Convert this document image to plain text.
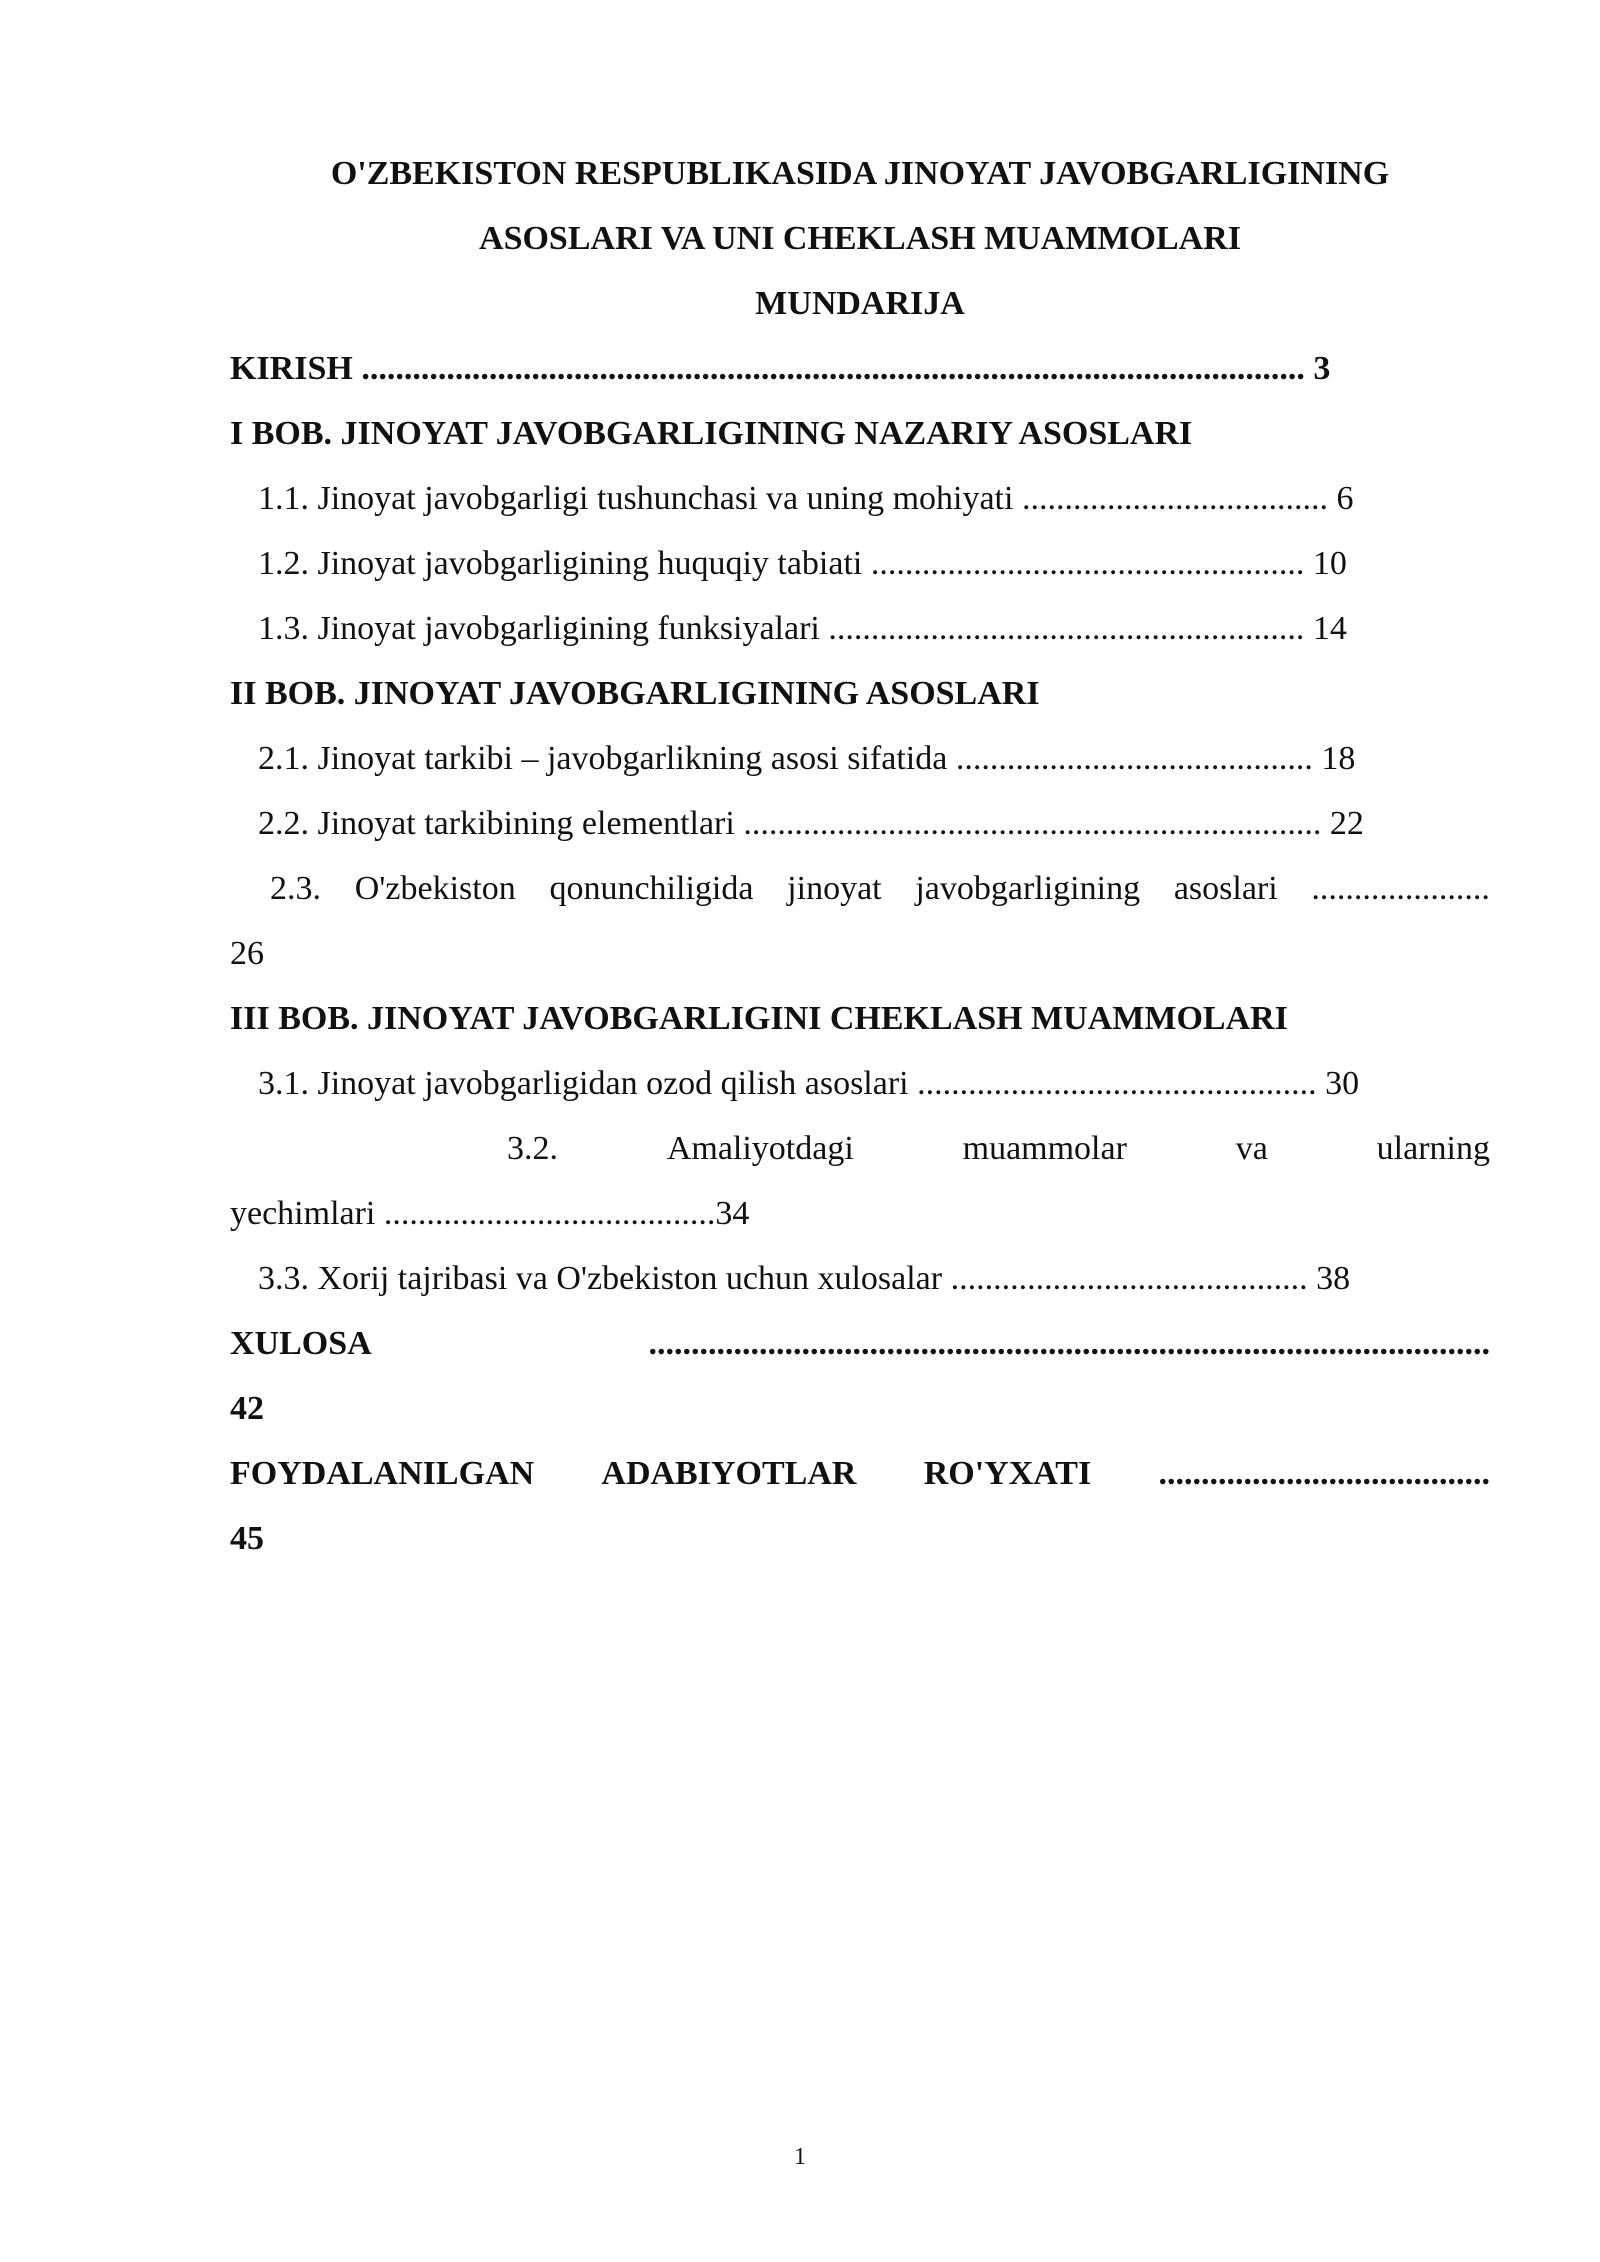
O'ZBEKISTON RESPUBLIKASIDA JINOYAT JAVOBGARLIGINING
ASOSLARI VA UNI CHEKLASH MUAMMOLARI
MUNDARIJA
KIRISH ............................................................................................................... 3
I BOB. JINOYAT JAVOBGARLIGINING NAZARIY ASOSLARI
1.1. Jinoyat javobgarligi tushunchasi va uning mohiyati .................................... 6
1.2. Jinoyat javobgarligining huquqiy tabiati ................................................... 10
1.3. Jinoyat javobgarligining funksiyalari ........................................................ 14
II BOB. JINOYAT JAVOBGARLIGINING ASOSLARI
2.1. Jinoyat tarkibi – javobgarlikning asosi sifatida .......................................... 18
2.2. Jinoyat tarkibining elementlari .................................................................... 22
2.3. O'zbekiston qonunchiligida jinoyat javobgarligining asoslari .....................
26
III BOB. JINOYAT JAVOBGARLIGINI CHEKLASH MUAMMOLARI
3.1. Jinoyat javobgarligidan ozod qilish asoslari ............................................... 30
3.2.	Amaliyotdagi	muammolar	va	ularning
yechimlari .......................................34
3.3. Xorij tajribasi va O'zbekiston uchun xulosalar .......................................... 38
XULOSA	...................................................................................................
42
FOYDALANILGAN ADABIYOTLAR RO'YXATI .......................................
45
1
